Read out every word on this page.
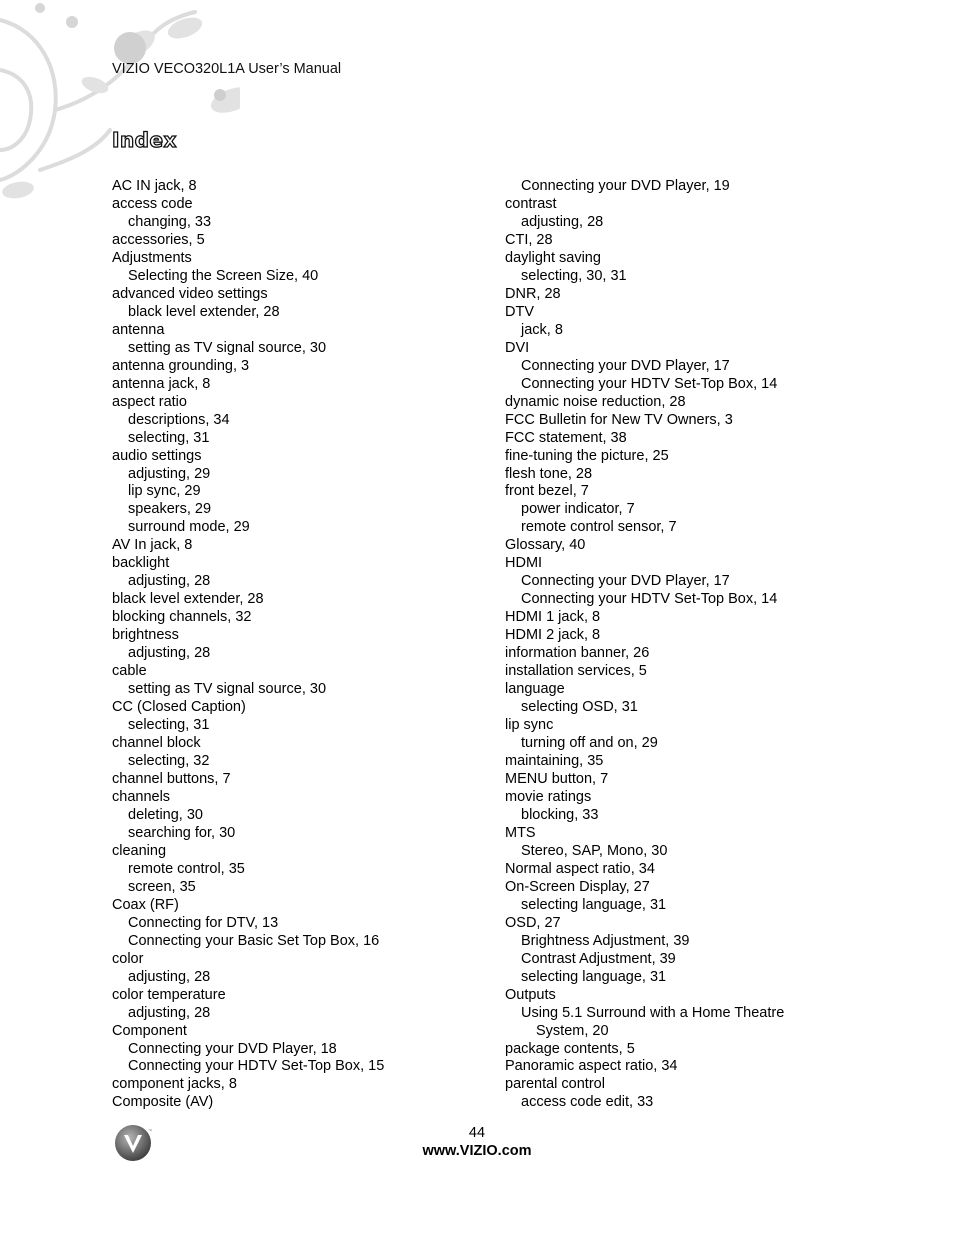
VIZIO VECO320L1A User’s Manual
Index
AC IN jack, 8
access code
changing, 33
accessories, 5
Adjustments
Selecting the Screen Size, 40
advanced video settings
black level extender, 28
antenna
setting as TV signal source, 30
antenna grounding, 3
antenna jack, 8
aspect ratio
descriptions, 34
selecting, 31
audio settings
adjusting, 29
lip sync, 29
speakers, 29
surround mode, 29
AV In jack, 8
backlight
adjusting, 28
black level extender, 28
blocking channels, 32
brightness
adjusting, 28
cable
setting as TV signal source, 30
CC (Closed Caption)
selecting, 31
channel block
selecting, 32
channel buttons, 7
channels
deleting, 30
searching for, 30
cleaning
remote control, 35
screen, 35
Coax (RF)
Connecting for DTV, 13
Connecting your Basic Set Top Box, 16
color
adjusting, 28
color temperature
adjusting, 28
Component
Connecting your DVD Player, 18
Connecting your HDTV Set-Top Box, 15
component jacks, 8
Composite (AV)
Connecting your DVD Player, 19
contrast
adjusting, 28
CTI, 28
daylight saving
selecting, 30, 31
DNR, 28
DTV
jack, 8
DVI
Connecting your DVD Player, 17
Connecting your HDTV Set-Top Box, 14
dynamic noise reduction, 28
FCC Bulletin for New TV Owners, 3
FCC statement, 38
fine-tuning the picture, 25
flesh tone, 28
front bezel, 7
power indicator, 7
remote control sensor, 7
Glossary, 40
HDMI
Connecting your DVD Player, 17
Connecting your HDTV Set-Top Box, 14
HDMI 1 jack, 8
HDMI 2 jack, 8
information banner, 26
installation services, 5
language
selecting OSD, 31
lip sync
turning off and on, 29
maintaining, 35
MENU button, 7
movie ratings
blocking, 33
MTS
Stereo, SAP, Mono, 30
Normal aspect ratio, 34
On-Screen Display, 27
selecting language, 31
OSD, 27
Brightness Adjustment, 39
Contrast Adjustment, 39
selecting language, 31
Outputs
Using 5.1 Surround with a Home Theatre
System, 20
package contents, 5
Panoramic aspect ratio, 34
parental control
access code edit, 33
™	44
www.VIZIO.com
